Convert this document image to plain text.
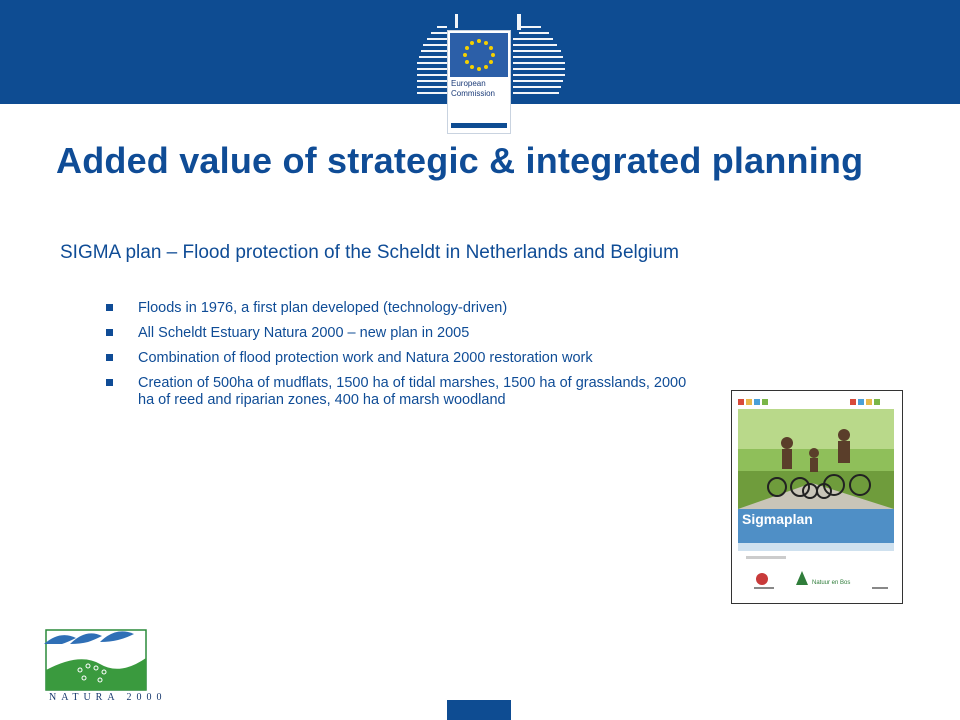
European Commission
Added value of strategic & integrated planning

SIGMA plan – Flood protection of the Scheldt in Netherlands and Belgium

Floods in 1976, a first plan developed (technology-driven)
All Scheldt Estuary Natura 2000 – new plan in 2005
Combination of flood protection work and Natura 2000 restoration work
Creation of 500ha of mudflats, 1500 ha of tidal marshes, 1500 ha of grasslands, 2000 ha of reed and riparian zones, 400 ha of marsh woodland
Sigmaplan
Natuur en Bos
NATURA 2000
